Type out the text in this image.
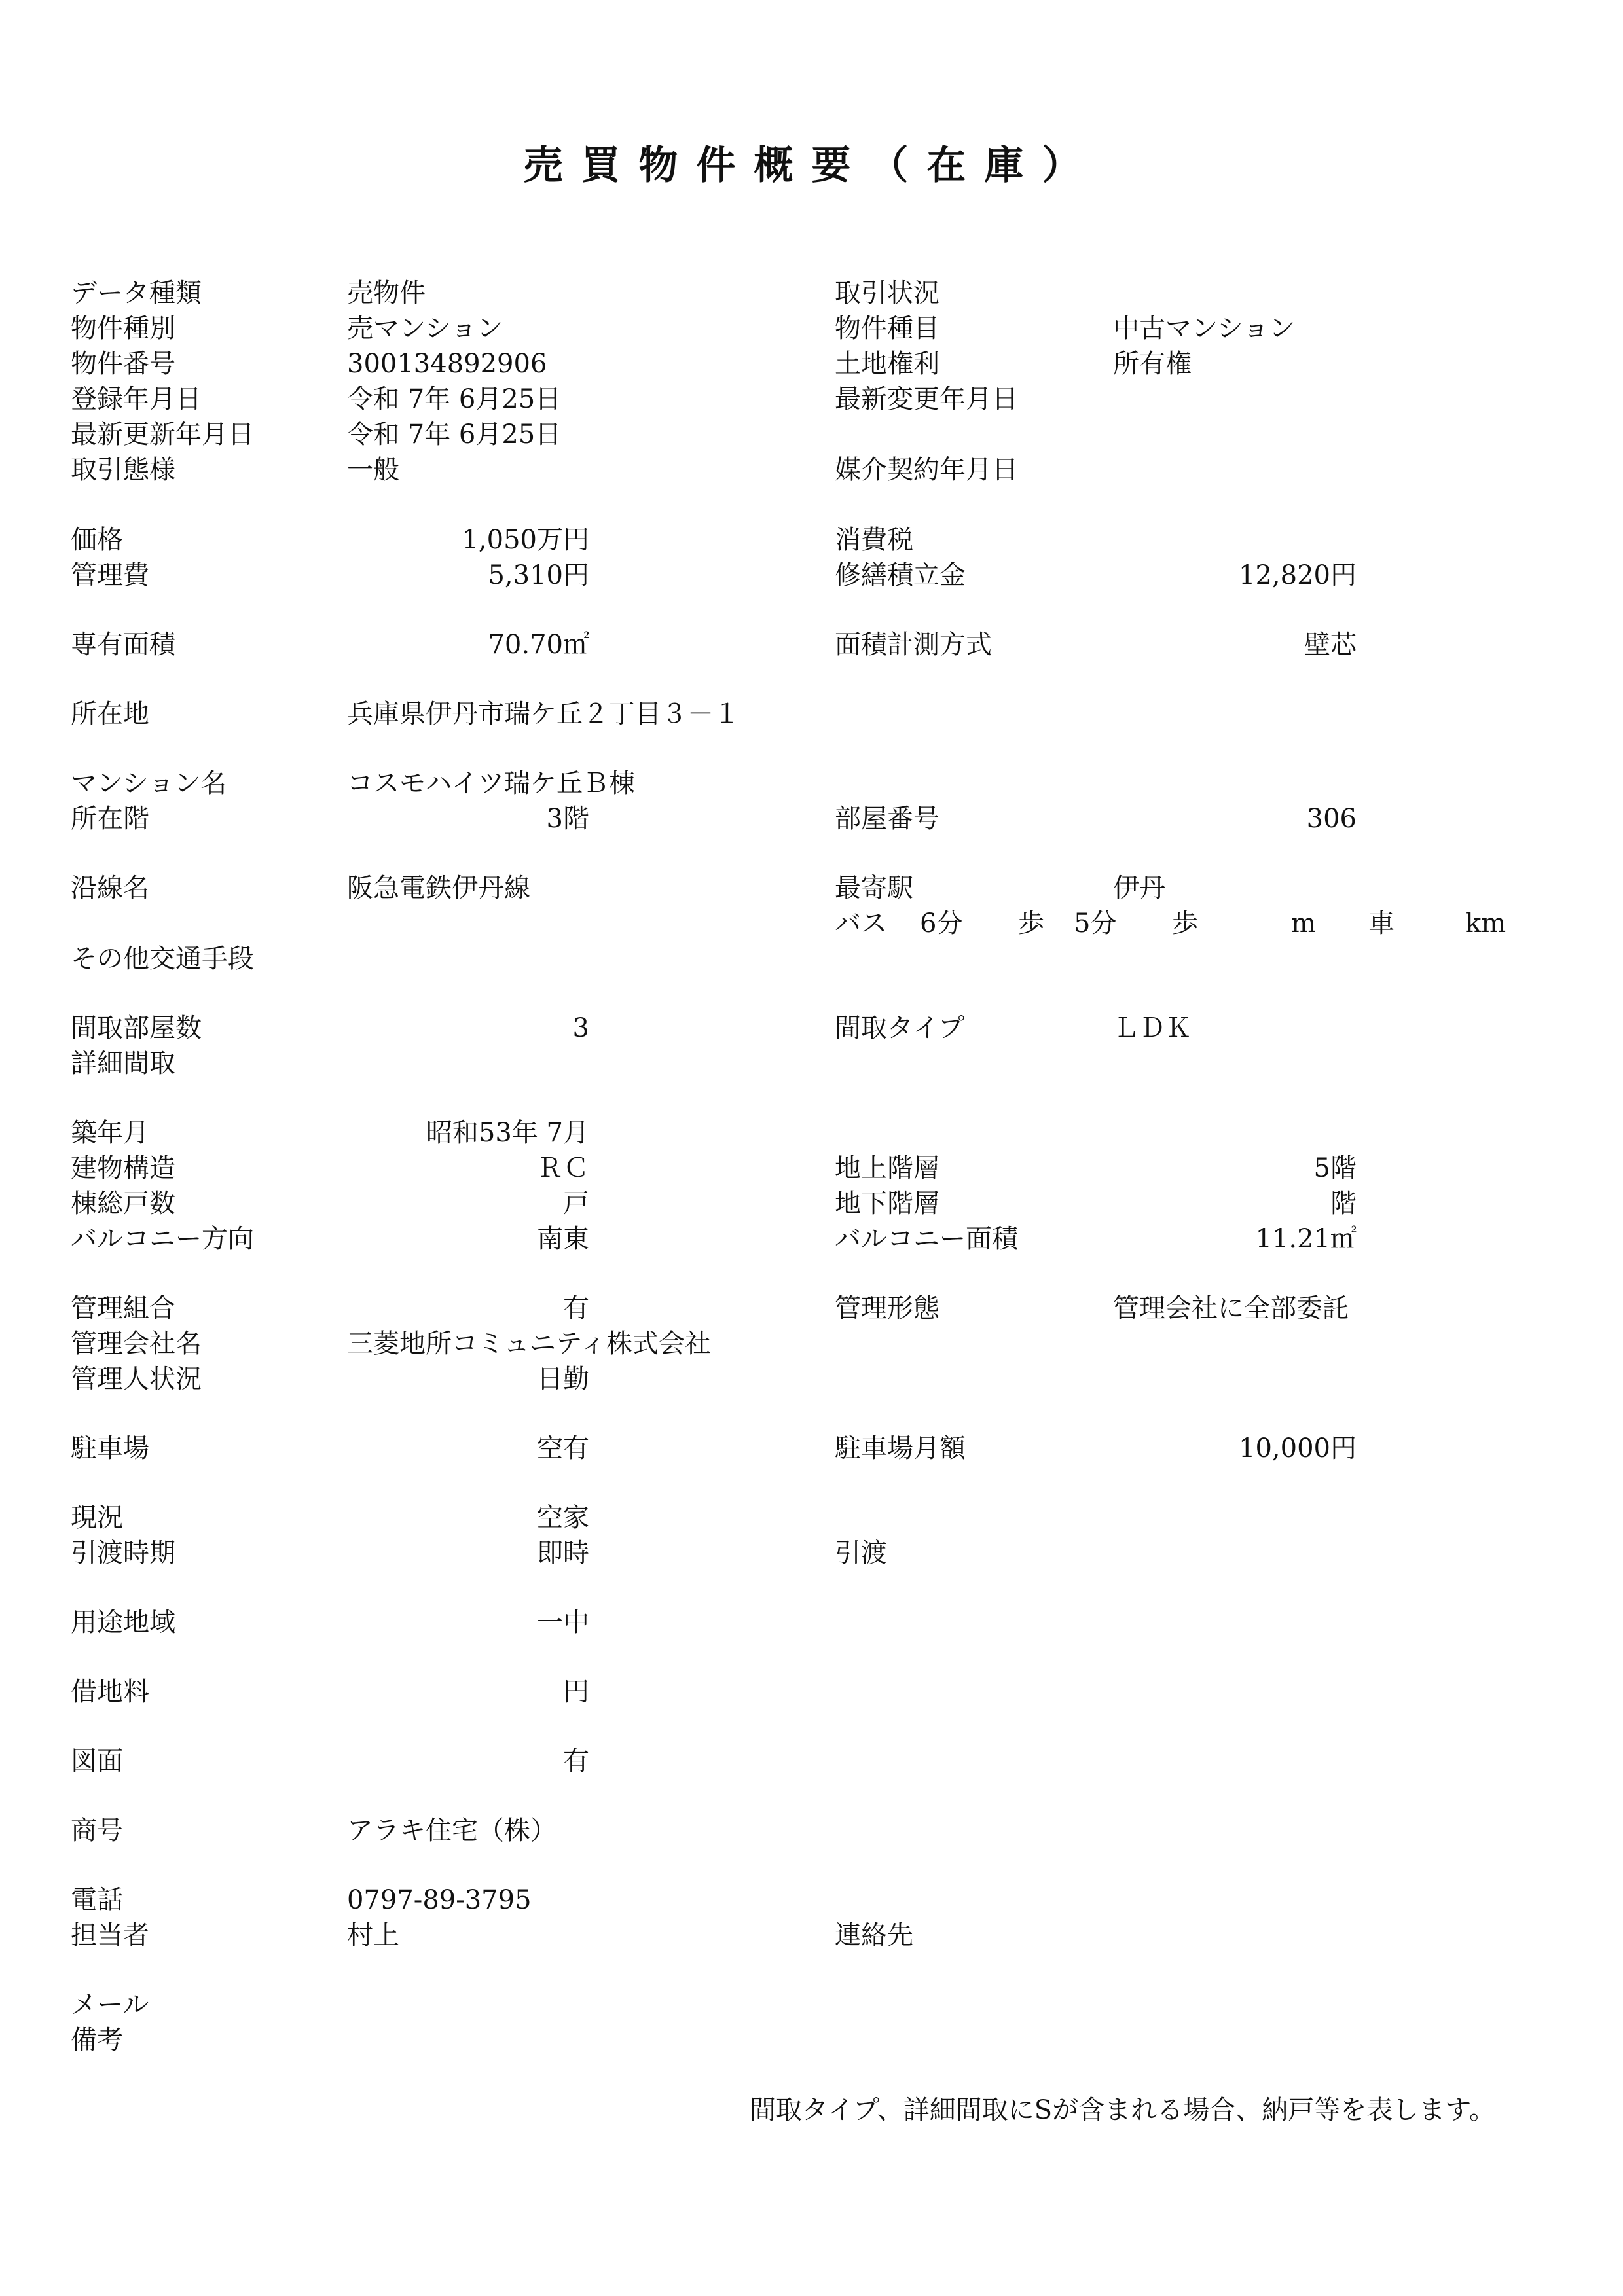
売買物件概要（在庫）
データ種類	売物件	取引状況
物件種別	売マンション	物件種目	中古マンション
物件番号	300134892906	土地権利	所有権
登録年月日	令和 7年 6月25日	最新変更年月日
最新更新年月日	令和 7年 6月25日
取引態様	一般	媒介契約年月日
価格	1,050万円	消費税
管理費	5,310円	修繕積立金	12,820円
専有面積	70.70㎡	面積計測方式	壁芯
所在地	兵庫県伊丹市瑞ケ丘２丁目３－１
マンション名	コスモハイツ瑞ケ丘Ｂ棟
所在階	3階	部屋番号	306
沿線名	阪急電鉄伊丹線	最寄駅	伊丹
バス 6分 歩 5分 歩	m 車	km
その他交通手段
間取部屋数	3	間取タイプ	ＬＤＫ
詳細間取
築年月	昭和53年 7月
建物構造	ＲＣ	地上階層	5階
棟総戸数	戸	地下階層	階
バルコニー方向	南東	バルコニー面積	11.21㎡
管理組合	有	管理形態	管理会社に全部委託
管理会社名	三菱地所コミュニティ株式会社
管理人状況	日勤
駐車場	空有	駐車場月額	10,000円
現況	空家
引渡時期	即時	引渡
用途地域	一中
借地料	円
図面	有
商号	アラキ住宅（株）
電話	0797-89-3795
担当者	村上	連絡先
メール
備考
間取タイプ、詳細間取にSが含まれる場合、納戸等を表します。
